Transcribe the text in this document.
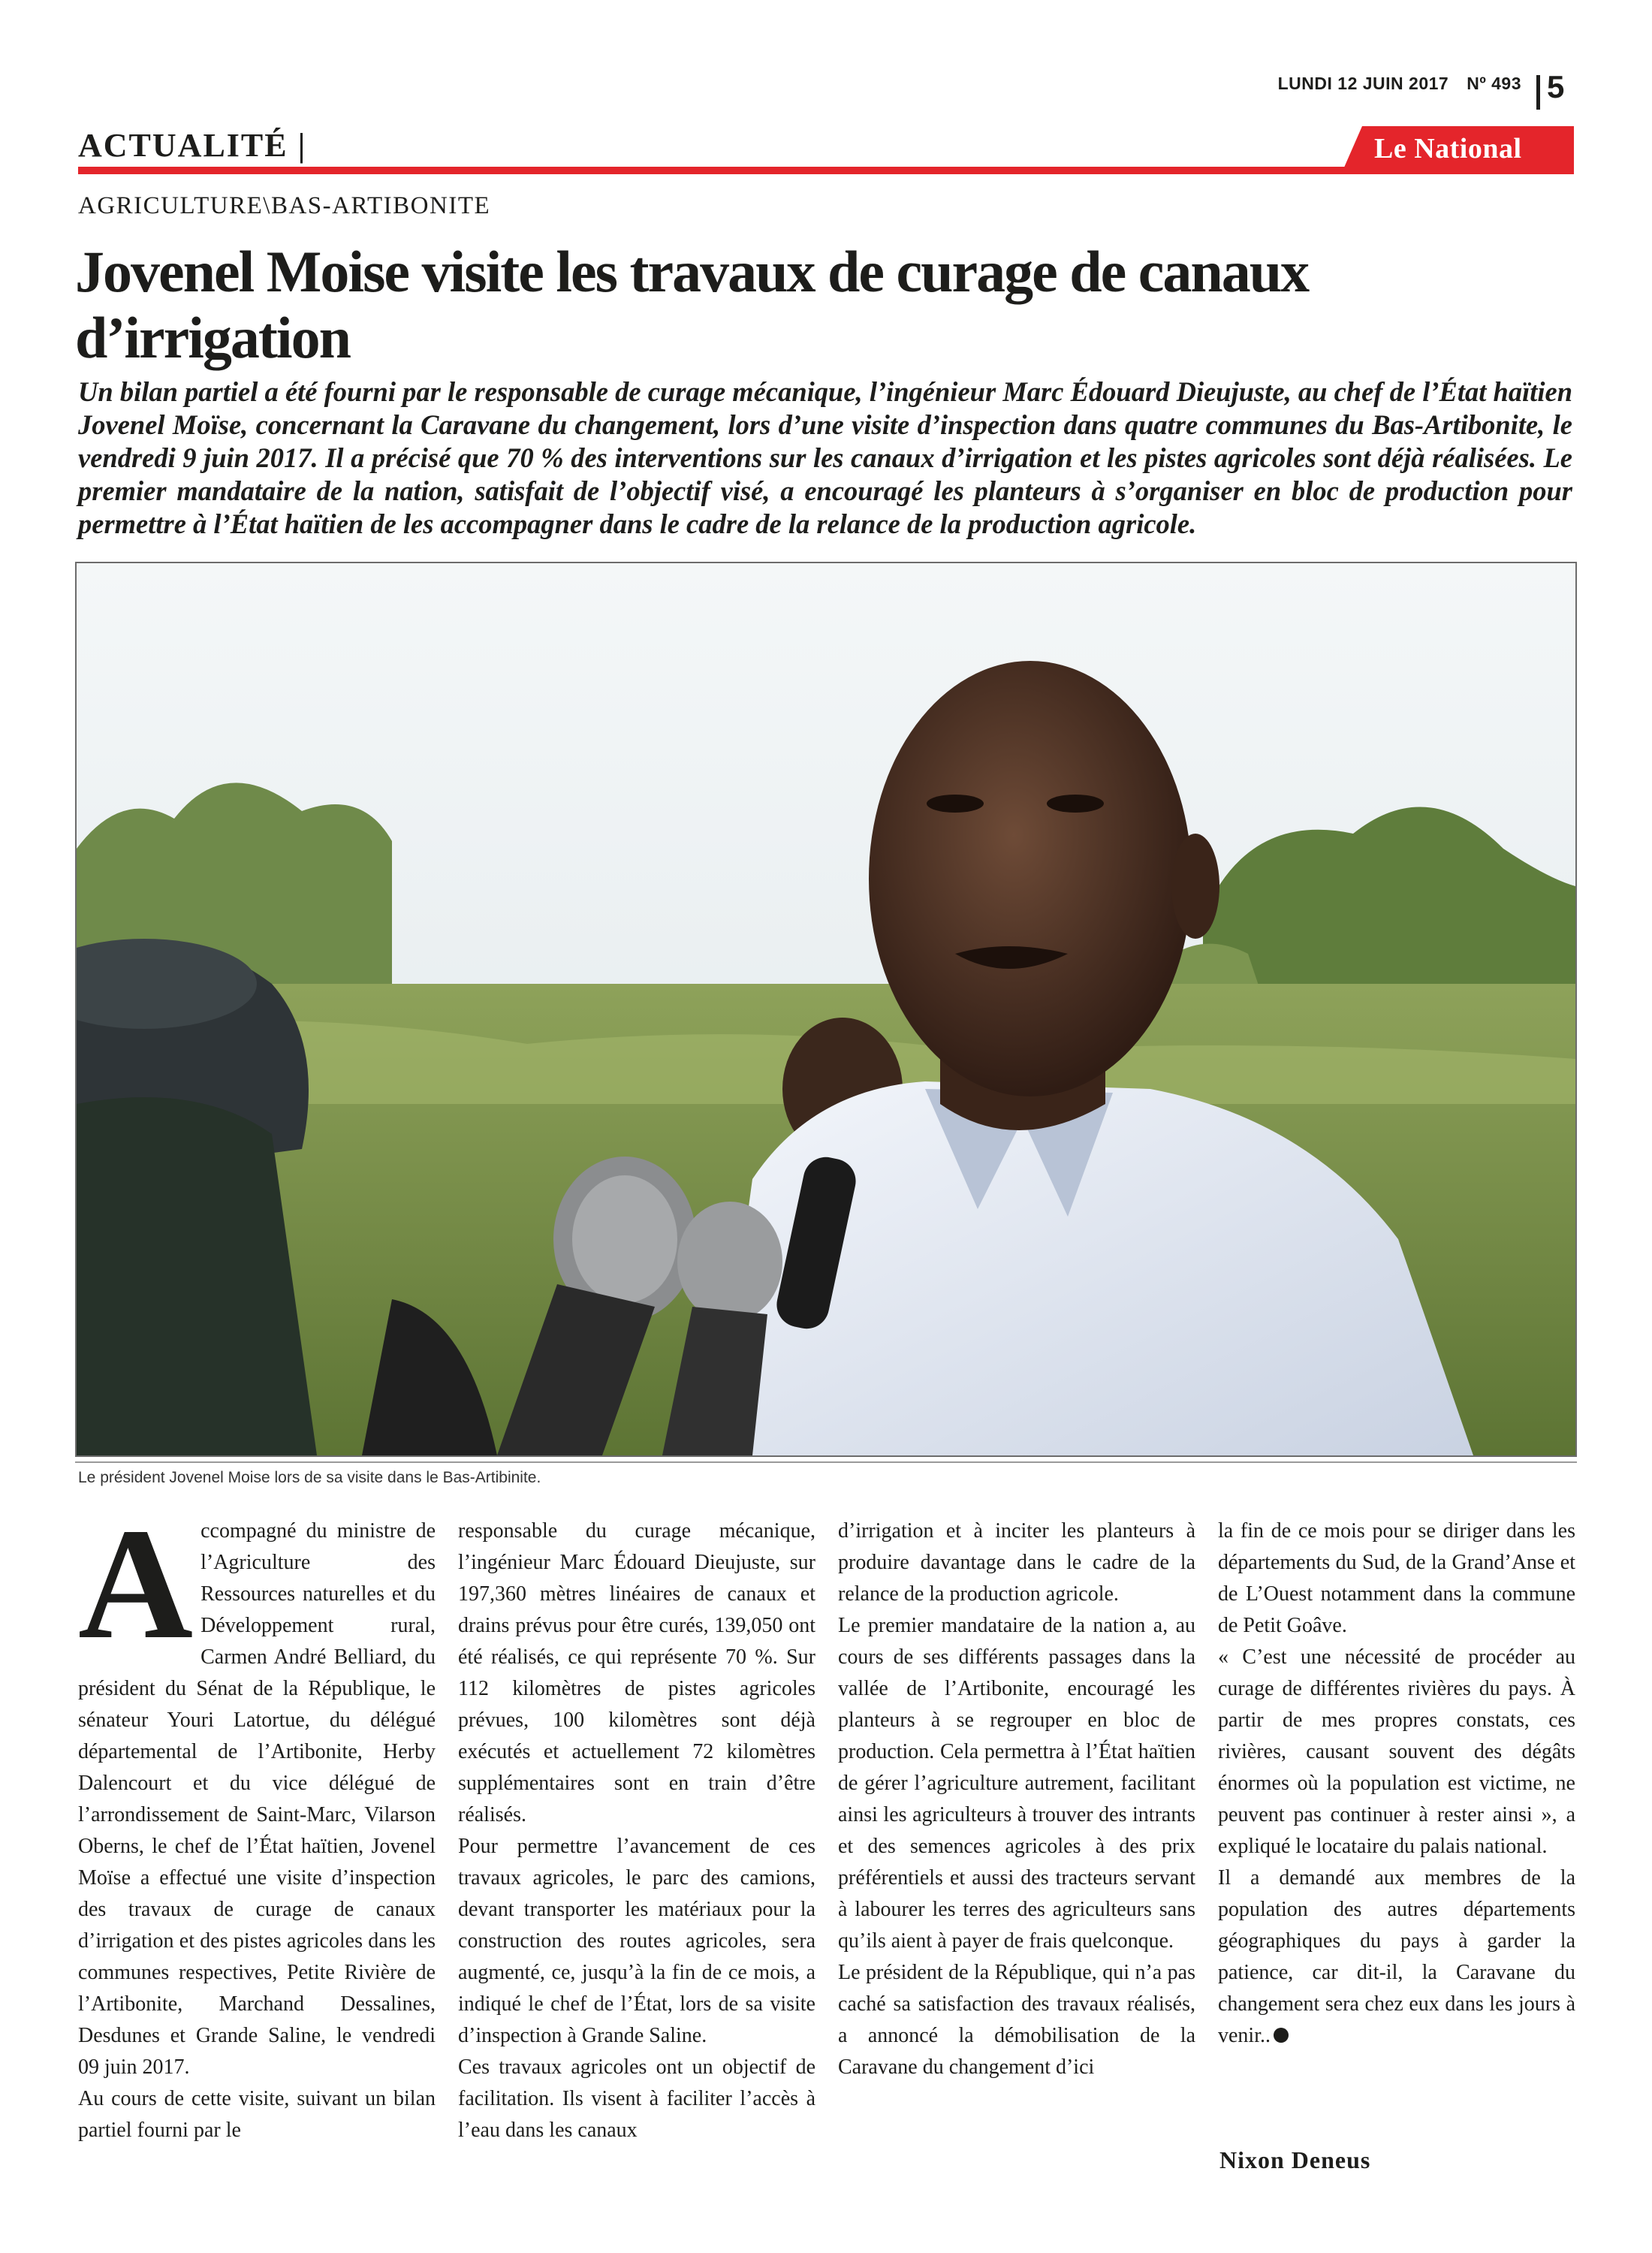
LUNDI 12 JUIN 2017 Nº 493 5
ACTUALITÉ |	Le National
AGRICULTURE\BAS-ARTIBONITE
Jovenel Moise visite les travaux de curage de canaux d’irrigation

Un bilan partiel a été fourni par le responsable de curage mécanique, l’ingénieur Marc Édouard Dieujuste, au chef de l’État haïtien Jovenel Moïse, concernant la Caravane du changement, lors d’une visite d’inspection dans quatre communes du Bas-Artibonite, le vendredi 9 juin 2017. Il a précisé que 70 % des interventions sur les canaux d’irrigation et les pistes agricoles sont déjà réalisées. Le premier mandataire de la nation, satisfait de l’objectif visé, a encouragé les planteurs à s’organiser en bloc de production pour permettre à l’État haïtien de les accompagner dans le cadre de la relance de la production agricole.

Le président Jovenel Moise lors de sa visite dans le Bas-Artibinite.
A ccompagné du ministre de l’Agriculture des Ressources naturelles et du Développement rural, Carmen André Belliard, du président du Sénat de la République, le sénateur Youri Latortue, du délégué départemental de l’Artibonite, Herby Dalencourt et du vice délégué de l’arrondissement de Saint-Marc, Vilarson Oberns, le chef de l’État haïtien, Jovenel Moïse a effectué une visite d’inspection des travaux de curage de canaux d’irrigation et des pistes agricoles dans les communes respectives, Petite Rivière de l’Artibonite, Marchand Dessalines, Desdunes et Grande Saline, le vendredi 09 juin 2017.

Au cours de cette visite, suivant un bilan partiel fourni par le

responsable du curage mécanique, l’ingénieur Marc Édouard Dieujuste, sur 197,360 mètres linéaires de canaux et drains prévus pour être curés, 139,050 ont été réalisés, ce qui représente 70 %. Sur 112 kilomètres de pistes agricoles prévues, 100 kilomètres sont déjà exécutés et actuellement 72 kilomètres supplémentaires sont en train d’être réalisés.

Pour permettre l’avancement de ces travaux agricoles, le parc des camions, devant transporter les matériaux pour la construction des routes agricoles, sera augmenté, ce, jusqu’à la fin de ce mois, a indiqué le chef de l’État, lors de sa visite d’inspection à Grande Saline.

Ces travaux agricoles ont un objectif de facilitation. Ils visent à faciliter l’accès à l’eau dans les canaux

d’irrigation et à inciter les planteurs à produire davantage dans le cadre de la relance de la production agricole.

Le premier mandataire de la nation a, au cours de ses différents passages dans la vallée de l’Artibonite, encouragé les planteurs à se regrouper en bloc de production. Cela permettra à l’État haïtien de gérer l’agriculture autrement, facilitant ainsi les agriculteurs à trouver des intrants et des semences agricoles à des prix préférentiels et aussi des tracteurs servant à labourer les terres des agriculteurs sans qu’ils aient à payer de frais quelconque.

Le président de la République, qui n’a pas caché sa satisfaction des travaux réalisés, a annoncé la démobilisation de la Caravane du changement d’ici

la fin de ce mois pour se diriger dans les départements du Sud, de la Grand’Anse et de L’Ouest notamment dans la commune de Petit Goâve.

« C’est une nécessité de procéder au curage de différentes rivières du pays. À partir de mes propres constats, ces rivières, causant souvent des dégâts énormes où la population est victime, ne peuvent pas continuer à rester ainsi », a expliqué le locataire du palais national.

Il a demandé aux membres de la population des autres départements géographiques du pays à garder la patience, car dit-il, la Caravane du changement sera chez eux dans les jours à venir..

Nixon Deneus
